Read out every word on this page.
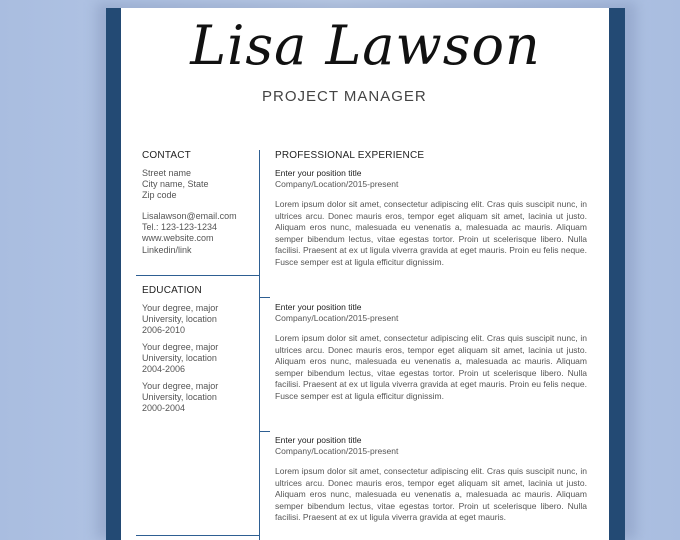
Lisa Lawson
PROJECT MANAGER
CONTACT
Street name
City name, State
Zip code
Lisalawson@email.com
Tel.: 123-123-1234
www.website.com
Linkedin/link
EDUCATION
Your degree, major
University, location
2006-2010
Your degree, major
University, location
2004-2006
Your degree, major
University, location
2000-2004
PROFESSIONAL EXPERIENCE
Enter your position title
Company/Location/2015-present
Lorem ipsum dolor sit amet, consectetur adipiscing elit. Cras quis suscipit nunc, in ultrices arcu. Donec mauris eros, tempor eget aliquam sit amet, lacinia ut justo. Aliquam eros nunc, malesuada eu venenatis a, malesuada ac mauris. Aliquam semper bibendum lectus, vitae egestas tortor. Proin ut scelerisque libero. Nulla facilisi. Praesent at ex ut ligula viverra gravida at eget mauris. Proin eu felis neque. Fusce semper est at ligula efficitur dignissim.
Enter your position title
Company/Location/2015-present
Lorem ipsum dolor sit amet, consectetur adipiscing elit. Cras quis suscipit nunc, in ultrices arcu. Donec mauris eros, tempor eget aliquam sit amet, lacinia ut justo. Aliquam eros nunc, malesuada eu venenatis a, malesuada ac mauris. Aliquam semper bibendum lectus, vitae egestas tortor. Proin ut scelerisque libero. Nulla facilisi. Praesent at ex ut ligula viverra gravida at eget mauris. Proin eu felis neque. Fusce semper est at ligula efficitur dignissim.
Enter your position title
Company/Location/2015-present
Lorem ipsum dolor sit amet, consectetur adipiscing elit. Cras quis suscipit nunc, in ultrices arcu. Donec mauris eros, tempor eget aliquam sit amet, lacinia ut justo. Aliquam eros nunc, malesuada eu venenatis a, malesuada ac mauris. Aliquam semper bibendum lectus, vitae egestas tortor. Proin ut scelerisque libero. Nulla facilisi. Praesent at ex ut ligula viverra gravida at eget mauris.
